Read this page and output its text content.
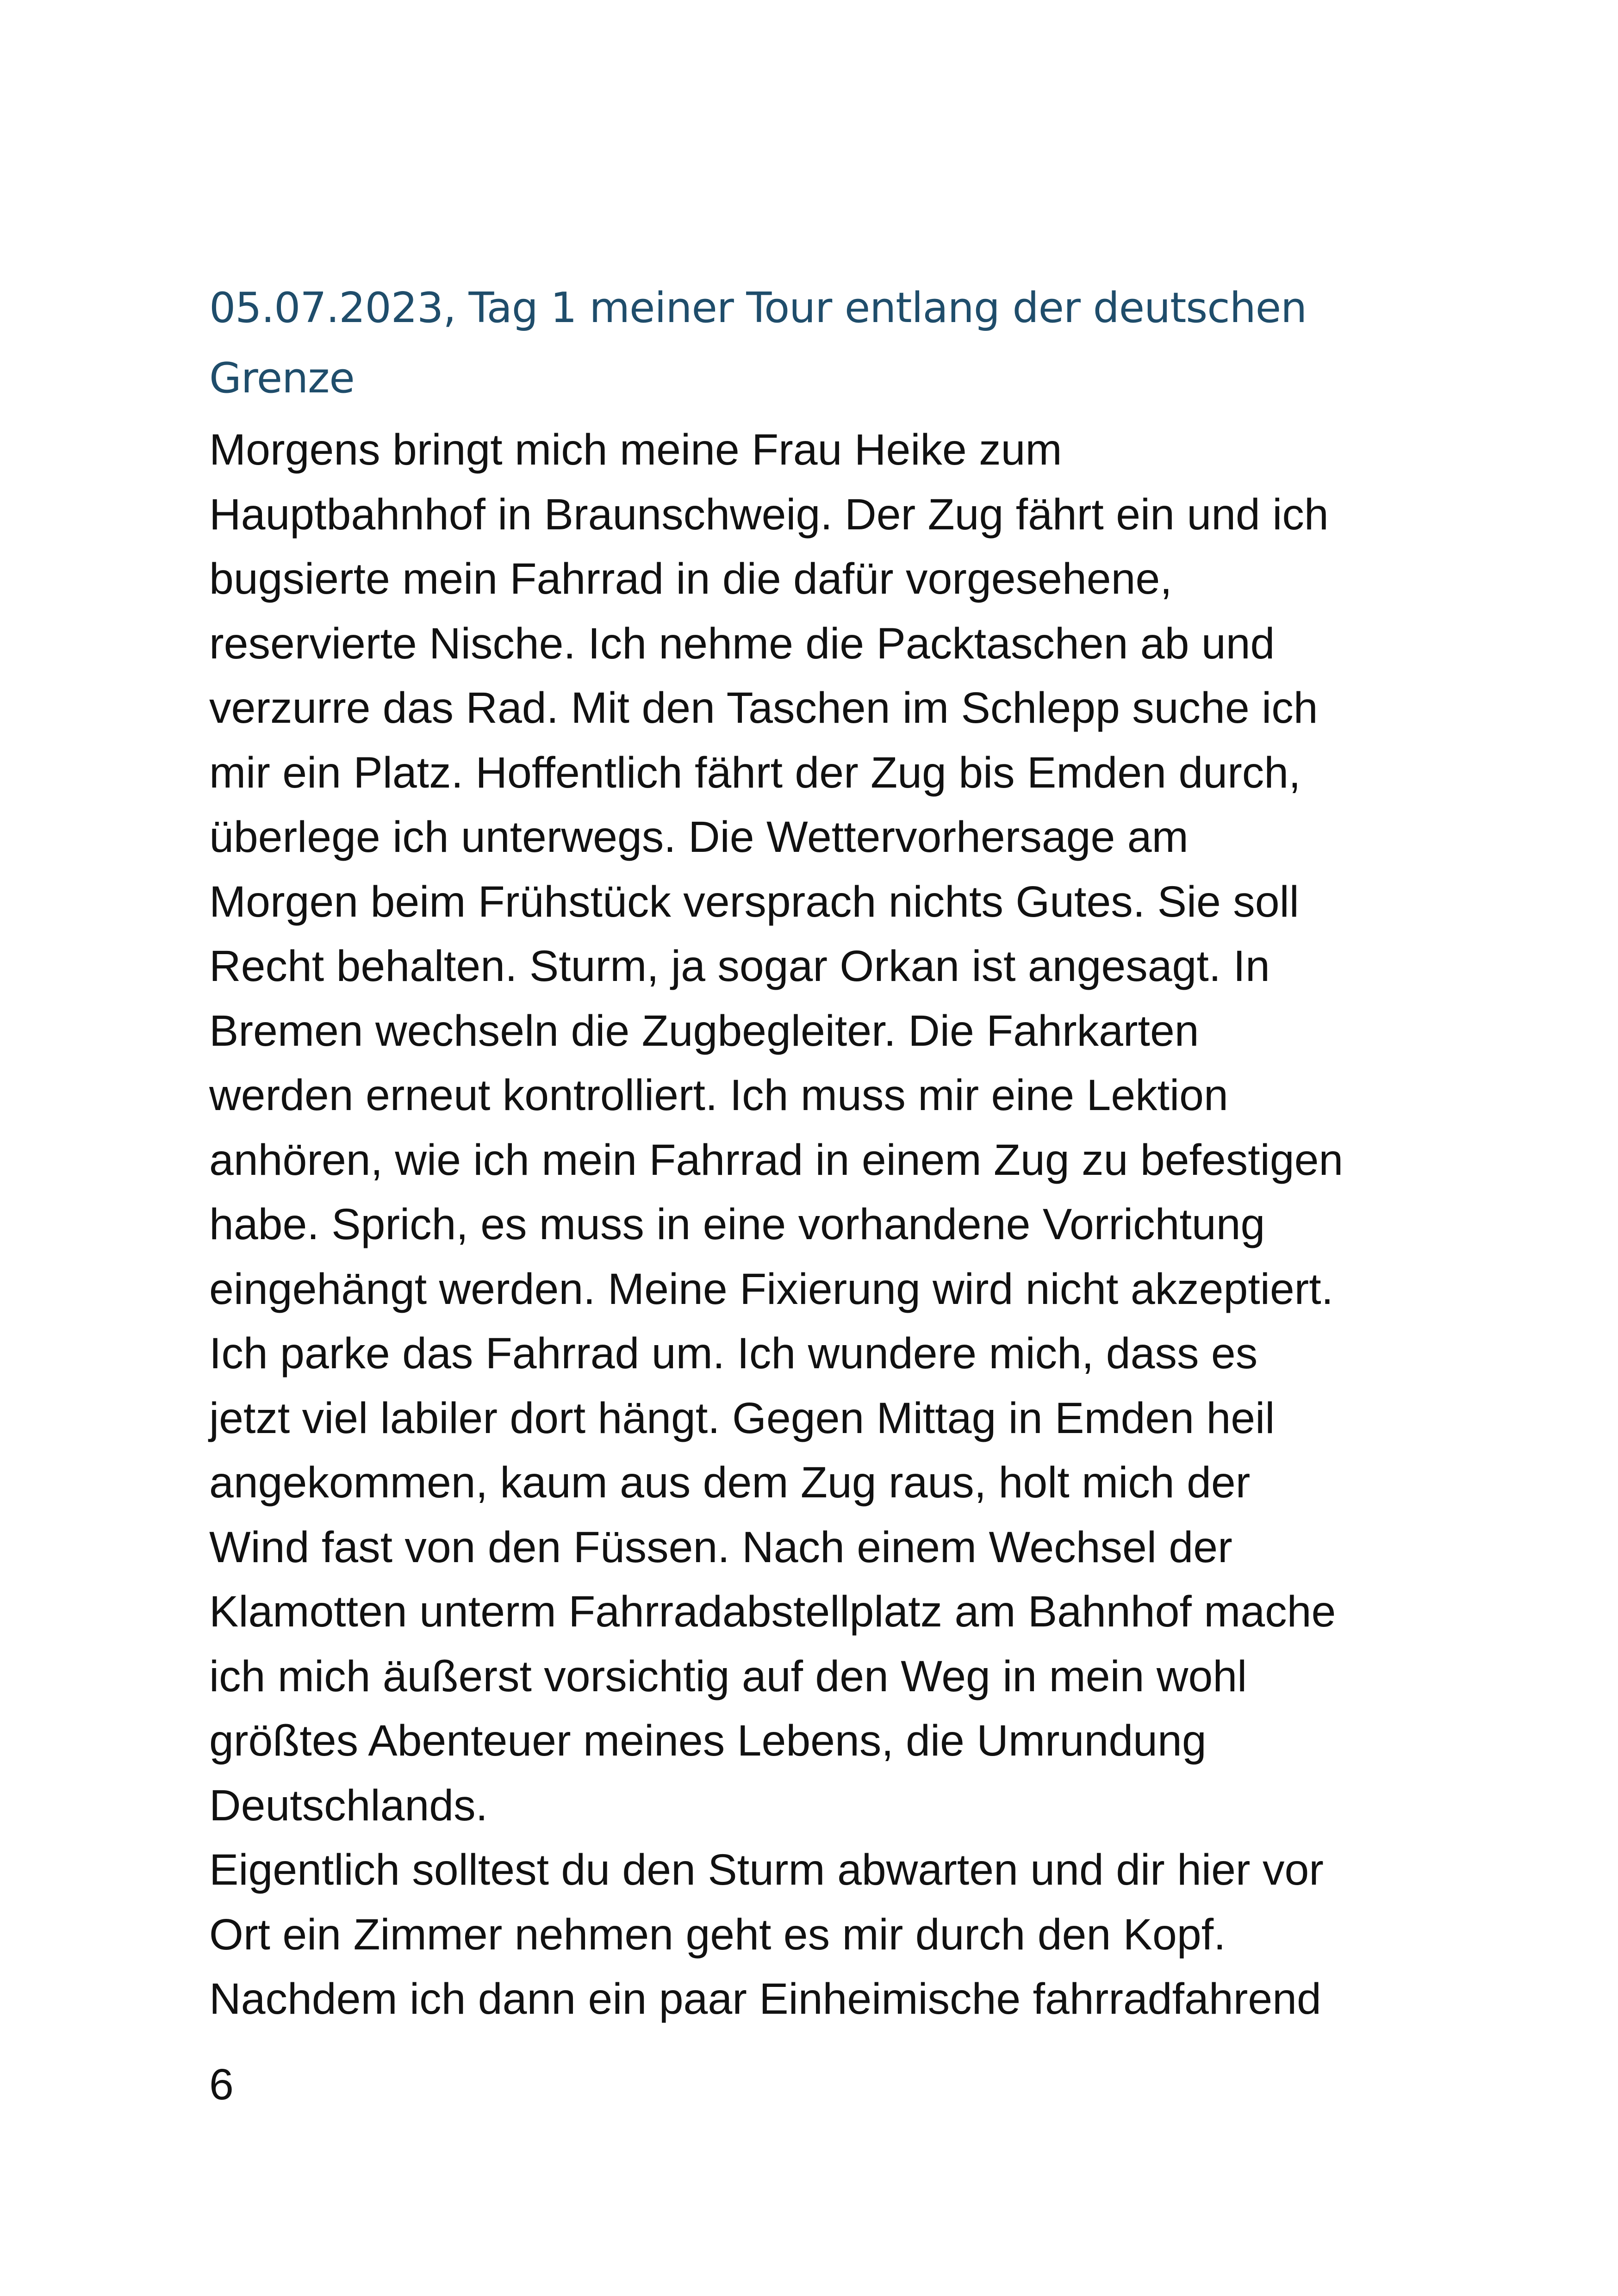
05.07.2023, Tag 1 meiner Tour entlang der deutschen
Grenze
Morgens bringt mich meine Frau Heike zum
Hauptbahnhof in Braunschweig. Der Zug fährt ein und ich
bugsierte mein Fahrrad in die dafür vorgesehene,
reservierte Nische. Ich nehme die Packtaschen ab und
verzurre das Rad. Mit den Taschen im Schlepp suche ich
mir ein Platz. Hoffentlich fährt der Zug bis Emden durch,
überlege ich unterwegs. Die Wettervorhersage am
Morgen beim Frühstück versprach nichts Gutes. Sie soll
Recht behalten. Sturm, ja sogar Orkan ist angesagt. In
Bremen wechseln die Zugbegleiter. Die Fahrkarten
werden erneut kontrolliert. Ich muss mir eine Lektion
anhören, wie ich mein Fahrrad in einem Zug zu befestigen
habe. Sprich, es muss in eine vorhandene Vorrichtung
eingehängt werden. Meine Fixierung wird nicht akzeptiert.
Ich parke das Fahrrad um. Ich wundere mich, dass es
jetzt viel labiler dort hängt. Gegen Mittag in Emden heil
angekommen, kaum aus dem Zug raus, holt mich der
Wind fast von den Füssen. Nach einem Wechsel der
Klamotten unterm Fahrradabstellplatz am Bahnhof mache
ich mich äußerst vorsichtig auf den Weg in mein wohl
größtes Abenteuer meines Lebens, die Umrundung
Deutschlands.
Eigentlich solltest du den Sturm abwarten und dir hier vor
Ort ein Zimmer nehmen geht es mir durch den Kopf.
Nachdem ich dann ein paar Einheimische fahrradfahrend
6
